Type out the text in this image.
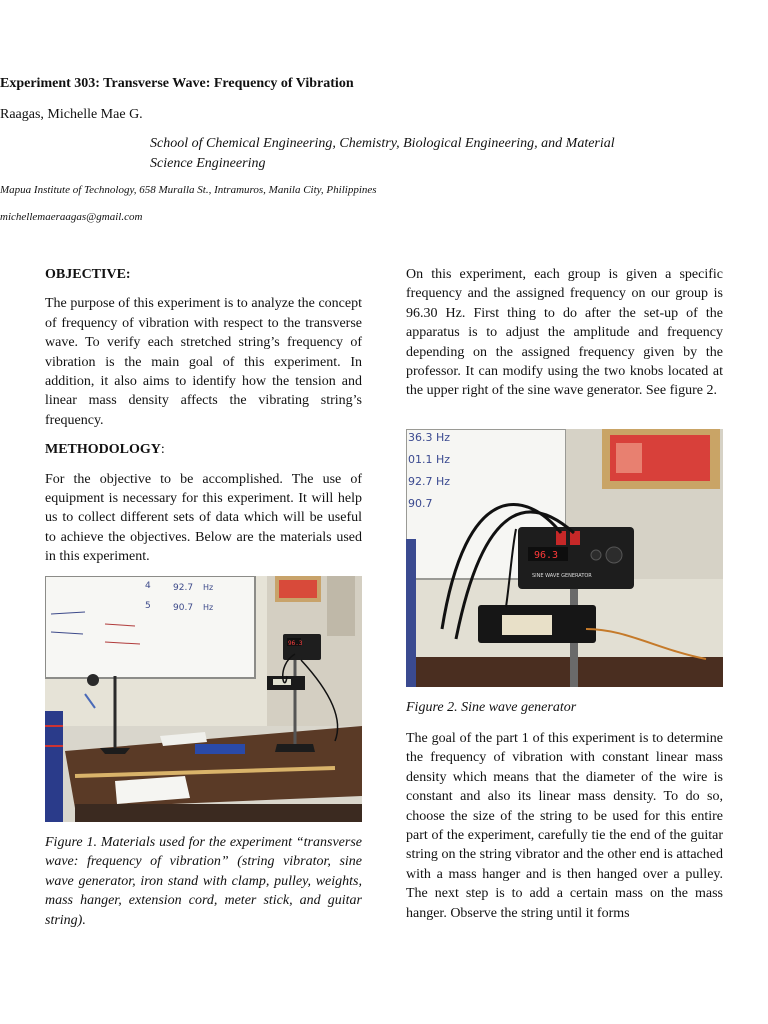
Experiment 303: Transverse Wave: Frequency of Vibration
Raagas, Michelle Mae G.
School of Chemical Engineering, Chemistry, Biological Engineering, and Material Science Engineering
Mapua Institute of Technology, 658 Muralla St., Intramuros, Manila City, Philippines
michellemaeraagas@gmail.com
OBJECTIVE:

The purpose of this experiment is to analyze the concept of frequency of vibration with respect to the transverse wave. To verify each stretched string’s frequency of vibration is the main goal of this experiment. In addition, it also aims to identify how the tension and linear mass density affects the vibrating string’s frequency.

METHODOLOGY:

For the objective to be accomplished. The use of equipment is necessary for this experiment. It will help us to collect different sets of data which will be useful to achieve the objectives. Below are the materials used in this experiment.

4 92.7 Hz
5 90.7 Hz
96.3
Figure 1. Materials used for the experiment “transverse wave: frequency of vibration” (string vibrator, sine wave generator, iron stand with clamp, pulley, weights, mass hanger, extension cord, meter stick, and guitar string).

On this experiment, each group is given a specific frequency and the assigned frequency on our group is 96.30 Hz. First thing to do after the set-up of the apparatus is to adjust the amplitude and frequency depending on the assigned frequency given by the professor. It can modify using the two knobs located at the upper right of the sine wave generator. See figure 2.

36.3 Hz
01.1 Hz
92.7 Hz
90.7
96.3
SINE WAVE GENERATOR
Figure 2. Sine wave generator

The goal of the part 1 of this experiment is to determine the frequency of vibration with constant linear mass density which means that the diameter of the wire is constant and also its linear mass density. To do so, choose the size of the string to be used for this entire part of the experiment, carefully tie the end of the guitar string on the string vibrator and the other end is attached with a mass hanger and is then hanged over a pulley. The next step is to add a certain mass on the mass hanger. Observe the string until it forms
